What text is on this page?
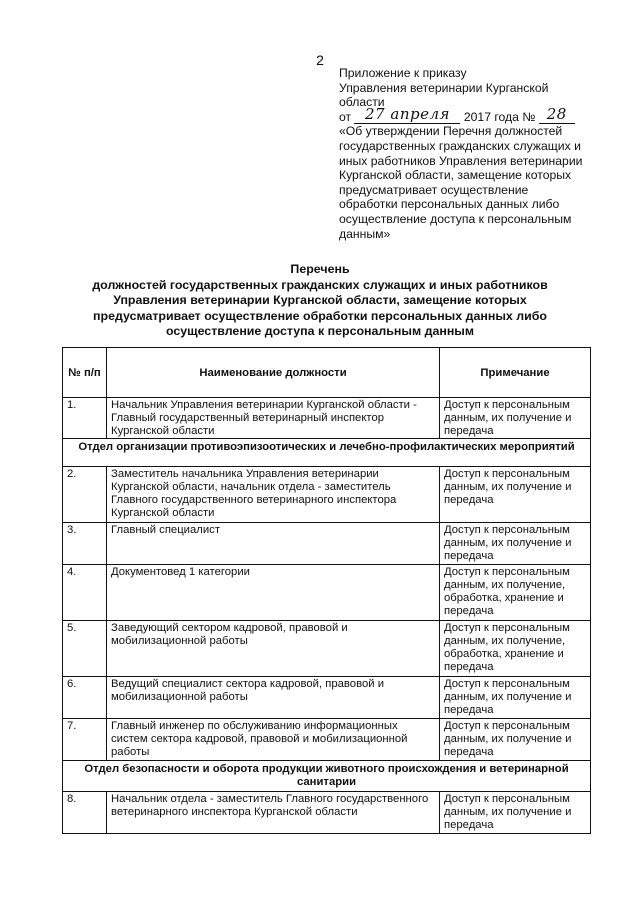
2
Приложение к приказу
Управления ветеринарии Курганской
области
от 27 апреля 2017 года № 28
«Об утверждении Перечня должностей
государственных гражданских служащих и
иных работников Управления ветеринарии
Курганской области, замещение которых
предусматривает осуществление
обработки персональных данных либо
осуществление доступа к персональным
данным»
Перечень
должностей государственных гражданских служащих и иных работников
Управления ветеринарии Курганской области, замещение которых
предусматривает осуществление обработки персональных данных либо
осуществление доступа к персональным данным
№ п/п	Наименование должности	Примечание
1.	Начальник Управления ветеринарии Курганской области - Главный государственный ветеринарный инспектор Курганской области	Доступ к персональным данным, их получение и передача
Отдел организации противоэпизоотических и лечебно-профилактических мероприятий		
2.	Заместитель начальника Управления ветеринарии Курганской области, начальник отдела - заместитель Главного государственного ветеринарного инспектора Курганской области	Доступ к персональным данным, их получение и передача
3.	Главный специалист	Доступ к персональным данным, их получение и передача
4.	Документовед 1 категории	Доступ к персональным данным, их получение, обработка, хранение и передача
5.	Заведующий сектором кадровой, правовой и мобилизационной работы	Доступ к персональным данным, их получение, обработка, хранение и передача
6.	Ведущий специалист сектора кадровой, правовой и мобилизационной работы	Доступ к персональным данным, их получение и передача
7.	Главный инженер по обслуживанию информационных систем сектора кадровой, правовой и мобилизационной работы	Доступ к персональным данным, их получение и передача
Отдел безопасности и оборота продукции животного происхождения и ветеринарной санитарии		
8.	Начальник отдела - заместитель Главного государственного ветеринарного инспектора Курганской области	Доступ к персональным данным, их получение и передача
